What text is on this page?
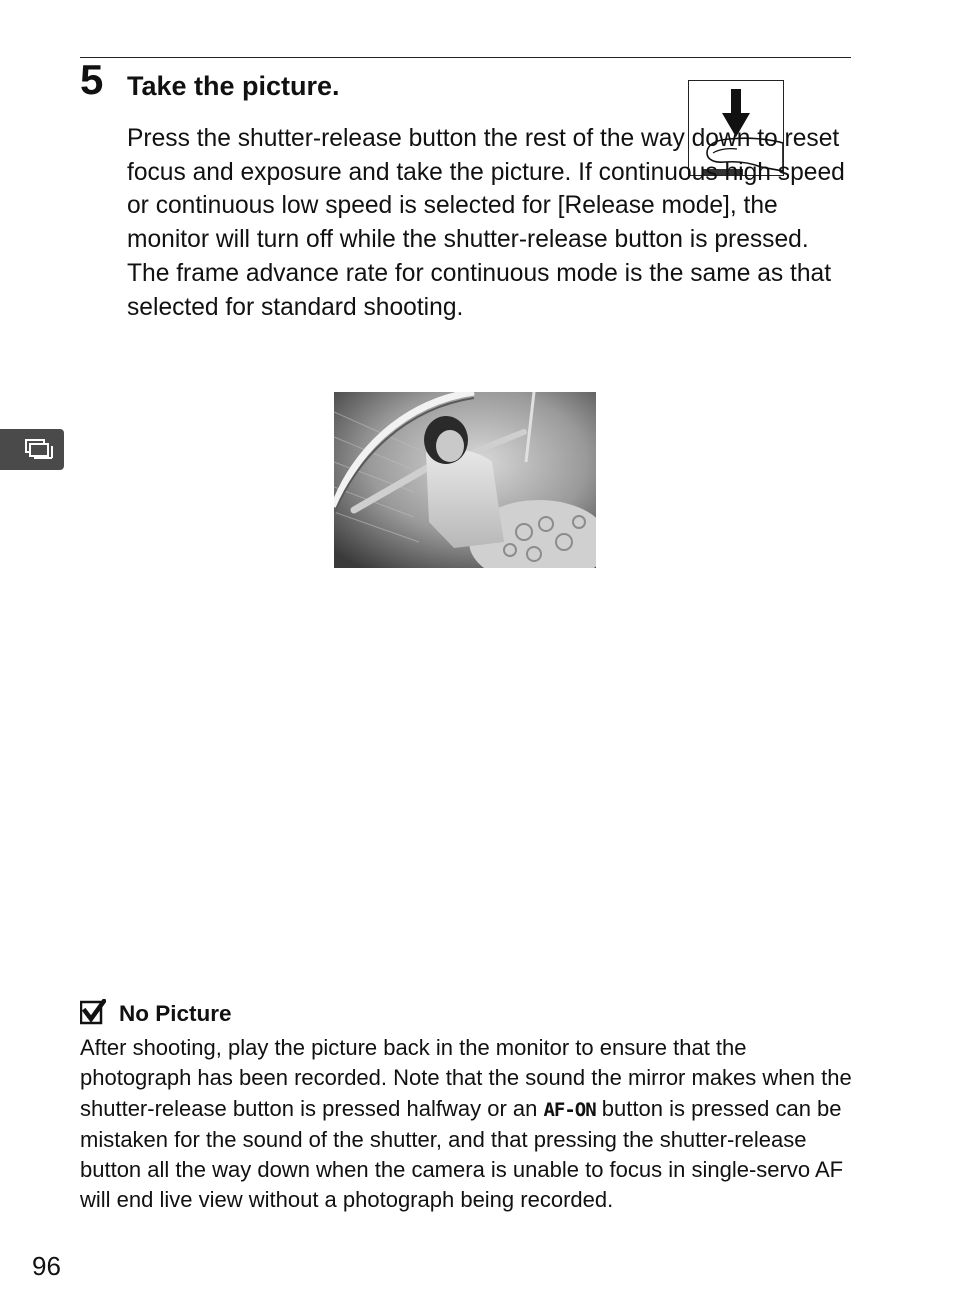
5 Take the picture.
Press the shutter-release button the rest of the way down to reset focus and exposure and take the picture. If continuous high speed or continuous low speed is selected for [Release mode], the monitor will turn off while the shutter-release button is pressed. The frame advance rate for continuous mode is the same as that selected for standard shooting.
No Picture
After shooting, play the picture back in the monitor to ensure that the photograph has been recorded. Note that the sound the mirror makes when the shutter-release button is pressed halfway or an AF-ON button is pressed can be mistaken for the sound of the shutter, and that pressing the shutter-release button all the way down when the camera is unable to focus in single-servo AF will end live view without a photograph being recorded.
96
